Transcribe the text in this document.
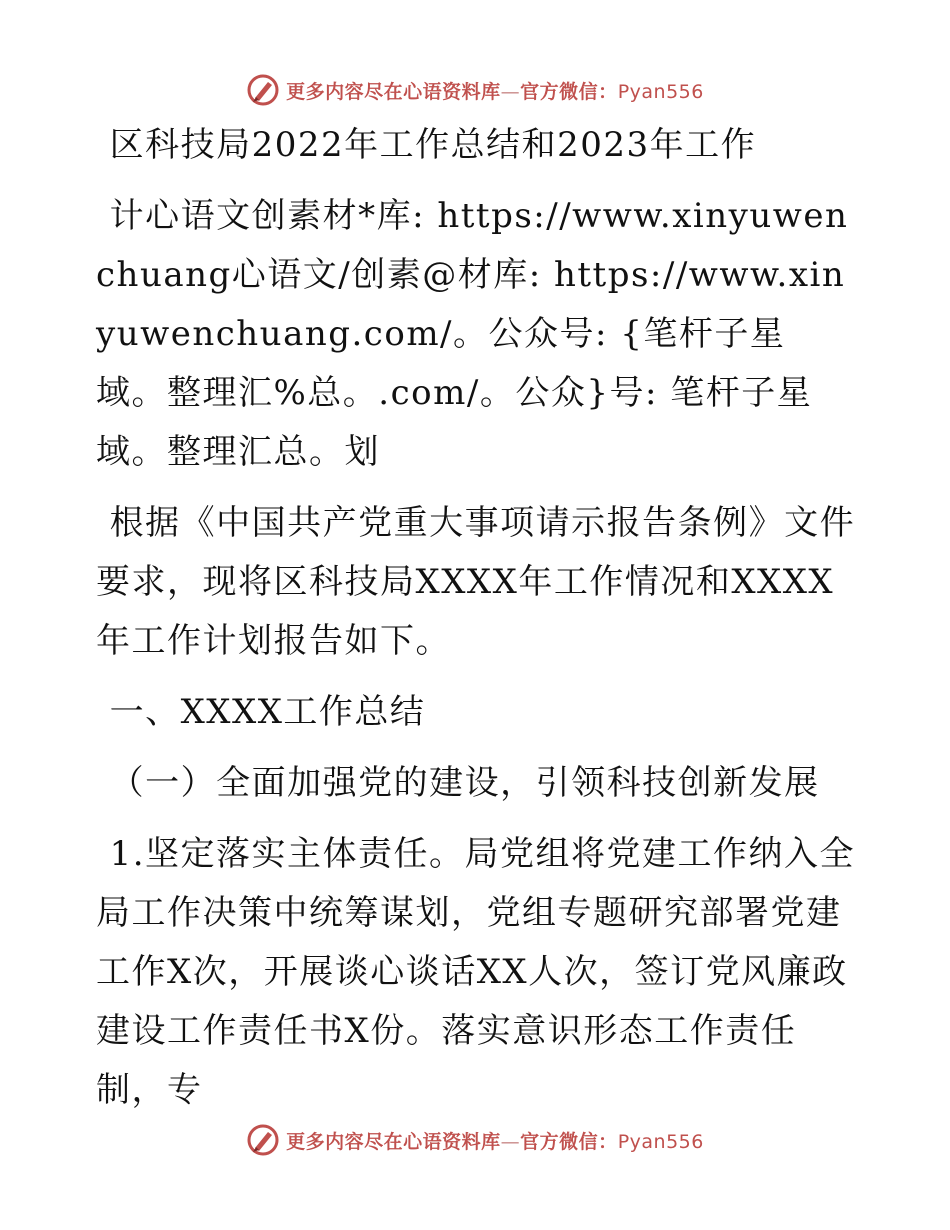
更多内容尽在心语资料库—官方微信：Pyan556

区科技局2022年工作总结和2023年工作

计心语文创素材*库: https://www.xinyuwenchuang心语文/创素@材库: https://www.xinyuwenchuang.com/。公众号: {笔杆子星域。整理汇%总。.com/。公众}号: 笔杆子星域。整理汇总。划

根据《中国共产党重大事项请示报告条例》文件要求，现将区科技局XXXX年工作情况和XXXX年工作计划报告如下。

一、XXXX工作总结

（一）全面加强党的建设，引领科技创新发展

1.坚定落实主体责任。局党组将党建工作纳入全局工作决策中统筹谋划，党组专题研究部署党建工作X次，开展谈心谈话XX人次，签订党风廉政建设工作责任书X份。落实意识形态工作责任制，专

更多内容尽在心语资料库—官方微信：Pyan556
